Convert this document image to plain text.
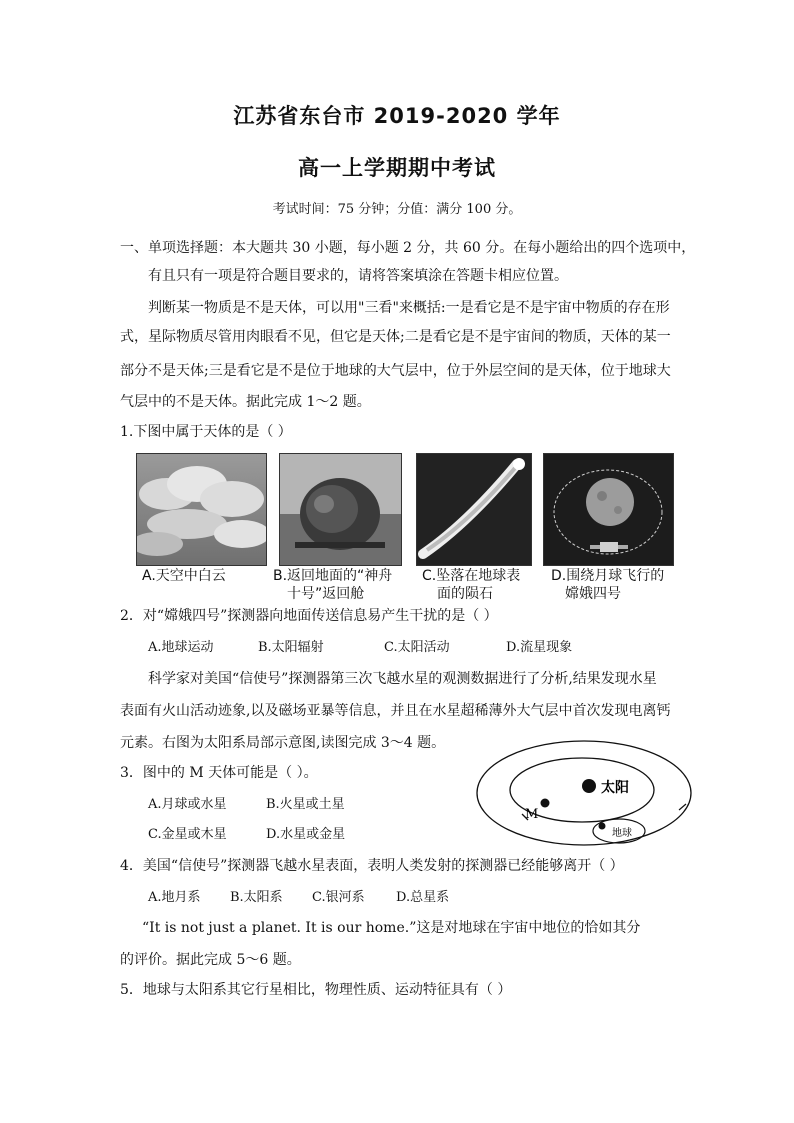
江苏省东台市 2019-2020 学年
高一上学期期中考试
考试时间：75 分钟；分值：满分 100 分。
一、单项选择题：本大题共 30 小题，每小题 2 分，共 60 分。在每小题给出的四个选项中，
有且只有一项是符合题目要求的，请将答案填涂在答题卡相应位置。
判断某一物质是不是天体，可以用"三看"来概括:一是看它是不是宇宙中物质的存在形
式，星际物质尽管用肉眼看不见，但它是天体;二是看它是不是宇宙间的物质，天体的某一
部分不是天体;三是看它是不是位于地球的大气层中，位于外层空间的是天体，位于地球大
气层中的不是天体。据此完成 1～2 题。
1.下图中属于天体的是（ ）
A.天空中白云	B.返回地面的“神舟
十号”返回舱
C.坠落在地球表
面的陨石
D.围绕月球飞行的
嫦娥四号
2．对“嫦娥四号”探测器向地面传送信息易产生干扰的是（ ）
A.地球运动	B.太阳辐射	C.太阳活动	D.流星现象
科学家对美国“信使号”探测器第三次飞越水星的观测数据进行了分析,结果发现水星
表面有火山活动迹象,以及磁场亚暴等信息，并且在水星超稀薄外大气层中首次发现电离钙
元素。右图为太阳系局部示意图,读图完成 3～4 题。
3．图中的 M 天体可能是（ ）。
A.月球或水星	B.火星或土星
C.金星或木星	D.水星或金星
太阳
M
地球
4．美国“信使号”探测器飞越水星表面，表明人类发射的探测器已经能够离开（ ）
A.地月系 B.太阳系 C.银河系 D.总星系
“It is not just a planet. It is our home.”这是对地球在宇宙中地位的恰如其分
的评价。据此完成 5～6 题。
5．地球与太阳系其它行星相比，物理性质、运动特征具有（ ）
